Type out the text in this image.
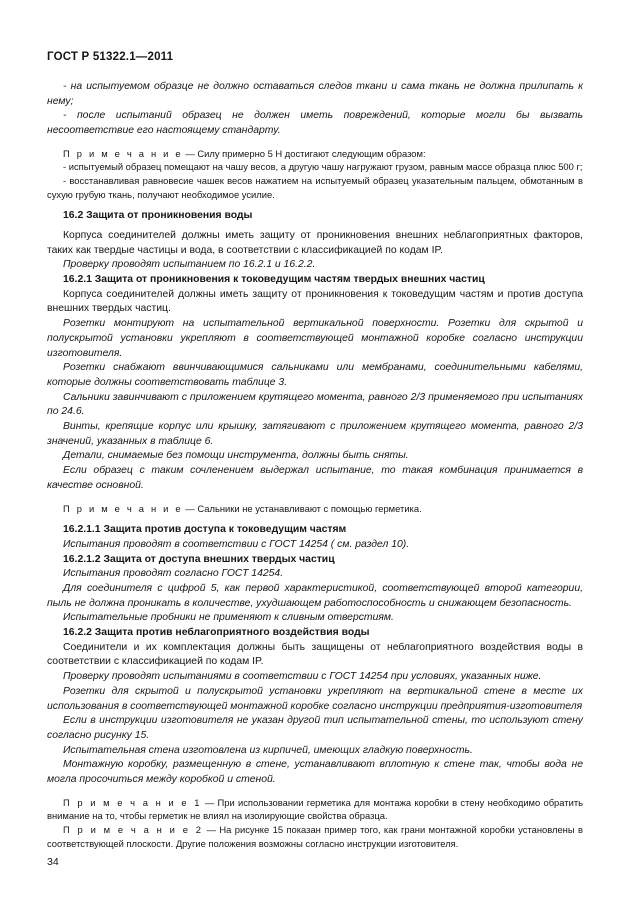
ГОСТ Р 51322.1—2011

- на испытуемом образце не должно оставаться следов ткани и сама ткань не должна прилипать к нему;

- после испытаний образец не должен иметь повреждений, которые могли бы вызвать несоответствие его настоящему стандарту.

П р и м е ч а н и е — Силу примерно 5 Н достигают следующим образом:

- испытуемый образец помещают на чашу весов, а другую чашу нагружают грузом, равным массе образца плюс 500 г;

- восстанавливая равновесие чашек весов нажатием на испытуемый образец указательным пальцем, обмотанным в сухую грубую ткань, получают необходимое усилие.

16.2 Защита от проникновения воды

Корпуса соединителей должны иметь защиту от проникновения внешних неблагоприятных факторов, таких как твердые частицы и вода, в соответствии с классификацией по кодам IP.

Проверку проводят испытанием по 16.2.1 и 16.2.2.

16.2.1 Защита от проникновения к токоведущим частям твердых внешних частиц

Корпуса соединителей должны иметь защиту от проникновения к токоведущим частям и против доступа внешних твердых частиц.

Розетки монтируют на испытательной вертикальной поверхности. Розетки для скрытой и полускрытой установки укрепляют в соответствующей монтажной коробке согласно инструкции изготовителя.

Розетки снабжают ввинчивающимися сальниками или мембранами, соединительными кабелями, которые должны соответствовать таблице 3.

Сальники завинчивают с приложением крутящего момента, равного 2/3 применяемого при испытаниях по 24.6.

Винты, крепящие корпус или крышку, затягивают с приложением крутящего момента, равного 2/3 значений, указанных в таблице 6.

Детали, снимаемые без помощи инструмента, должны быть сняты.

Если образец с таким сочленением выдержал испытание, то такая комбинация принимается в качестве основной.

П р и м е ч а н и е — Сальники не устанавливают с помощью герметика.

16.2.1.1 Защита против доступа к токоведущим частям

Испытания проводят в соответствии с ГОСТ 14254 ( см. раздел 10).

16.2.1.2 Защита от доступа внешних твердых частиц

Испытания проводят согласно ГОСТ 14254.

Для соединителя с цифрой 5, как первой характеристикой, соответствующей второй категории, пыль не должна проникать в количестве, ухудшающем работоспособность и снижающем безопасность.

Испытательные пробники не применяют к сливным отверстиям.

16.2.2 Защита против неблагоприятного воздействия воды

Соединители и их комплектация должны быть защищены от неблагоприятного воздействия воды в соответствии с классификацией по кодам IP.

Проверку проводят испытаниями в соответствии с ГОСТ 14254 при условиях, указанных ниже.

Розетки для скрытой и полускрытой установки укрепляют на вертикальной стене в месте их использования в соответствующей монтажной коробке согласно инструкции предприятия-изготовителя

Если в инструкции изготовителя не указан другой тип испытательной стены, то используют стену согласно рисунку 15.

Испытательная стена изготовлена из кирпичей, имеющих гладкую поверхность.

Монтажную коробку, размещенную в стене, устанавливают вплотную к стене так, чтобы вода не могла просочиться между коробкой и стеной.

П р и м е ч а н и е 1 — При использовании герметика для монтажа коробки в стену необходимо обратить внимание на то, чтобы герметик не влиял на изолирующие свойства образца.

П р и м е ч а н и е 2 — На рисунке 15 показан пример того, как грани монтажной коробки установлены в соответствующей плоскости. Другие положения возможны согласно инструкции изготовителя.

34
